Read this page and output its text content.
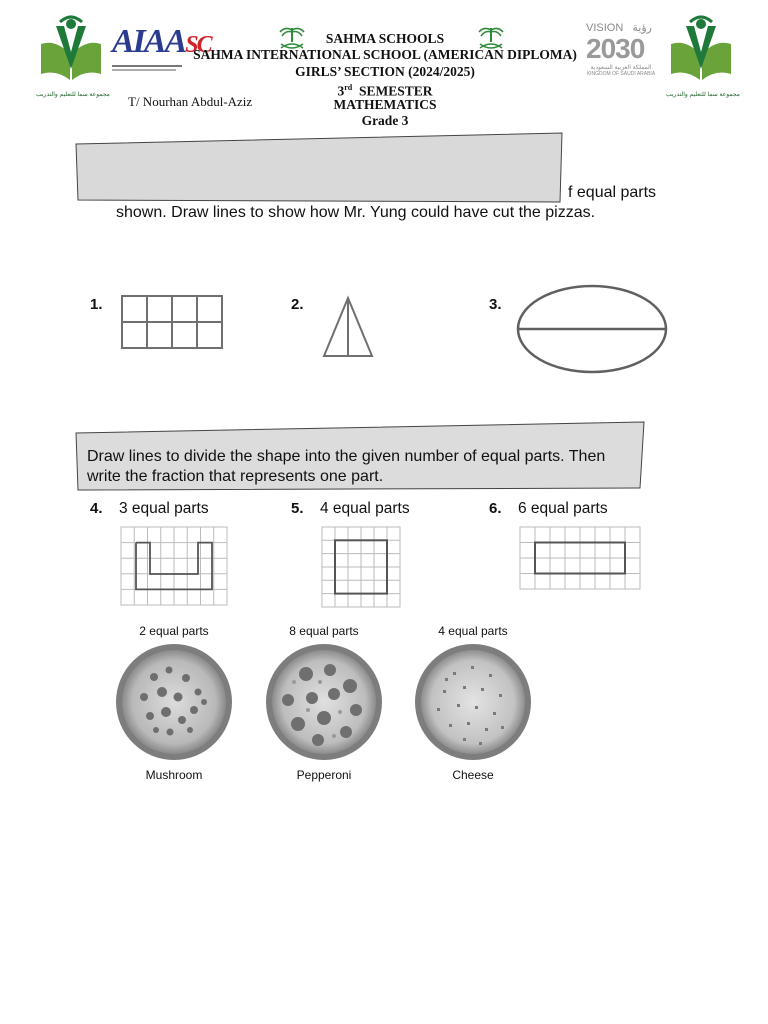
مجموعة سما للتعليم والتدريب
AIAASC
VISION رؤية
2030
المملكة العربية السعودية
KINGDOM OF SAUDI ARABIA
مجموعة سما للتعليم والتدريب
SAHMA SCHOOLS
SAHMA INTERNATIONAL SCHOOL (AMERICAN DIPLOMA)
GIRLS’ SECTION (2024/2025)
3rd SEMESTER
MATHEMATICS
Grade 3
T/ Nourhan Abdul-Aziz
f equal parts
shown. Draw lines to show how Mr. Yung could have cut the pizzas.
1.	2.	3.
Draw lines to divide the shape into the given number of equal parts. Then write the fraction that represents one part.
4. 3 equal parts	5. 4 equal parts	6. 6 equal parts
2 equal parts	8 equal parts	4 equal parts
Mushroom	Pepperoni	Cheese
